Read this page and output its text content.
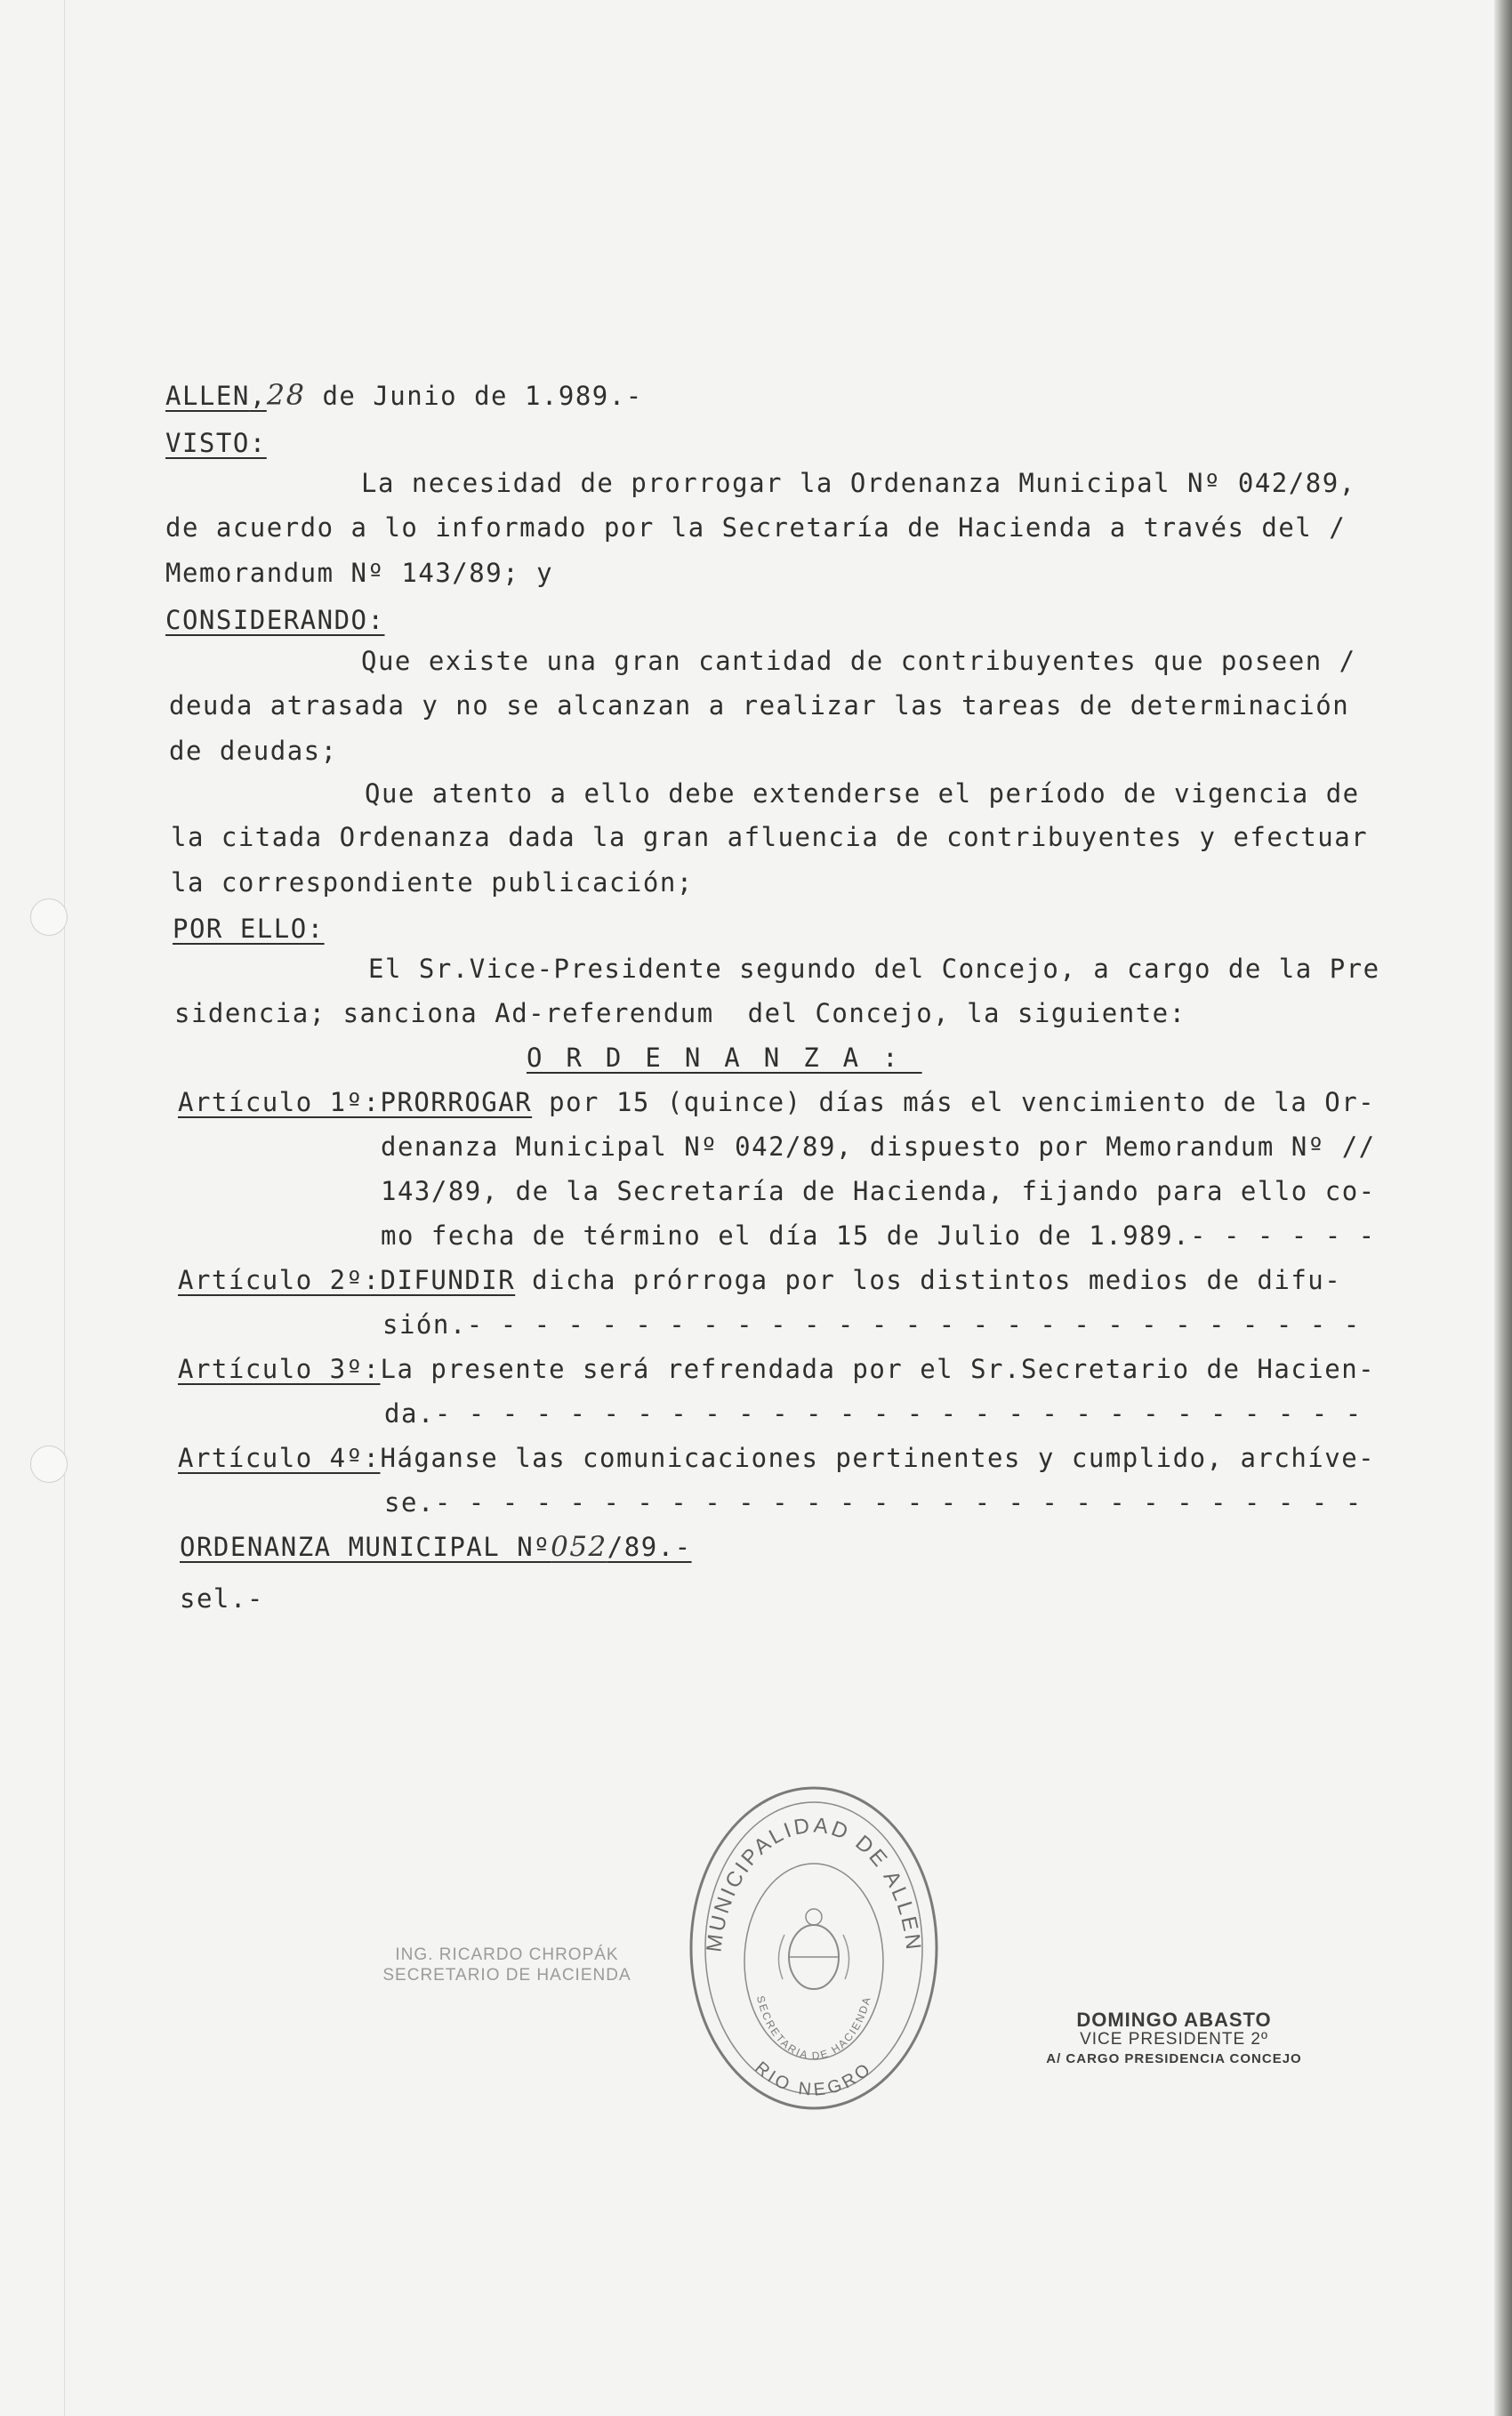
ALLEN,28 de Junio de 1.989.-
VISTO:
La necesidad de prorrogar la Ordenanza Municipal Nº 042/89,
de acuerdo a lo informado por la Secretaría de Hacienda a través del /
Memorandum Nº 143/89; y
CONSIDERANDO:
Que existe una gran cantidad de contribuyentes que poseen /
deuda atrasada y no se alcanzan a realizar las tareas de determinación
de deudas;
Que atento a ello debe extenderse el período de vigencia de
la citada Ordenanza dada la gran afluencia de contribuyentes y efectuar
la correspondiente publicación;
POR ELLO:
El Sr.Vice-Presidente segundo del Concejo, a cargo de la Pre
sidencia; sanciona Ad-referendum  del Concejo, la siguiente:
ORDENANZA:
Artículo 1º:PRORROGAR por 15 (quince) días más el vencimiento de la Or-
denanza Municipal Nº 042/89, dispuesto por Memorandum Nº //
143/89, de la Secretaría de Hacienda, fijando para ello co-
mo fecha de término el día 15 de Julio de 1.989.- - - - - -
Artículo 2º:DIFUNDIR dicha prórroga por los distintos medios de difu-
sión.- - - - - - - - - - - - - - - - - - - - - - - - - - -
Artículo 3º:La presente será refrendada por el Sr.Secretario de Hacien-
da.- - - - - - - - - - - - - - - - - - - - - - - - - - - -
Artículo 4º:Háganse las comunicaciones pertinentes y cumplido, archíve-
se.- - - - - - - - - - - - - - - - - - - - - - - - - - - -
ORDENANZA MUNICIPAL Nº052/89.-
sel.-
ING. RICARDO CHROPÁK
SECRETARIO DE HACIENDA
MUNICIPALIDAD DE ALLEN
SECRETARIA DE HACIENDA
RIO NEGRO
DOMINGO ABASTO
VICE PRESIDENTE 2º
A/ CARGO PRESIDENCIA CONCEJO
